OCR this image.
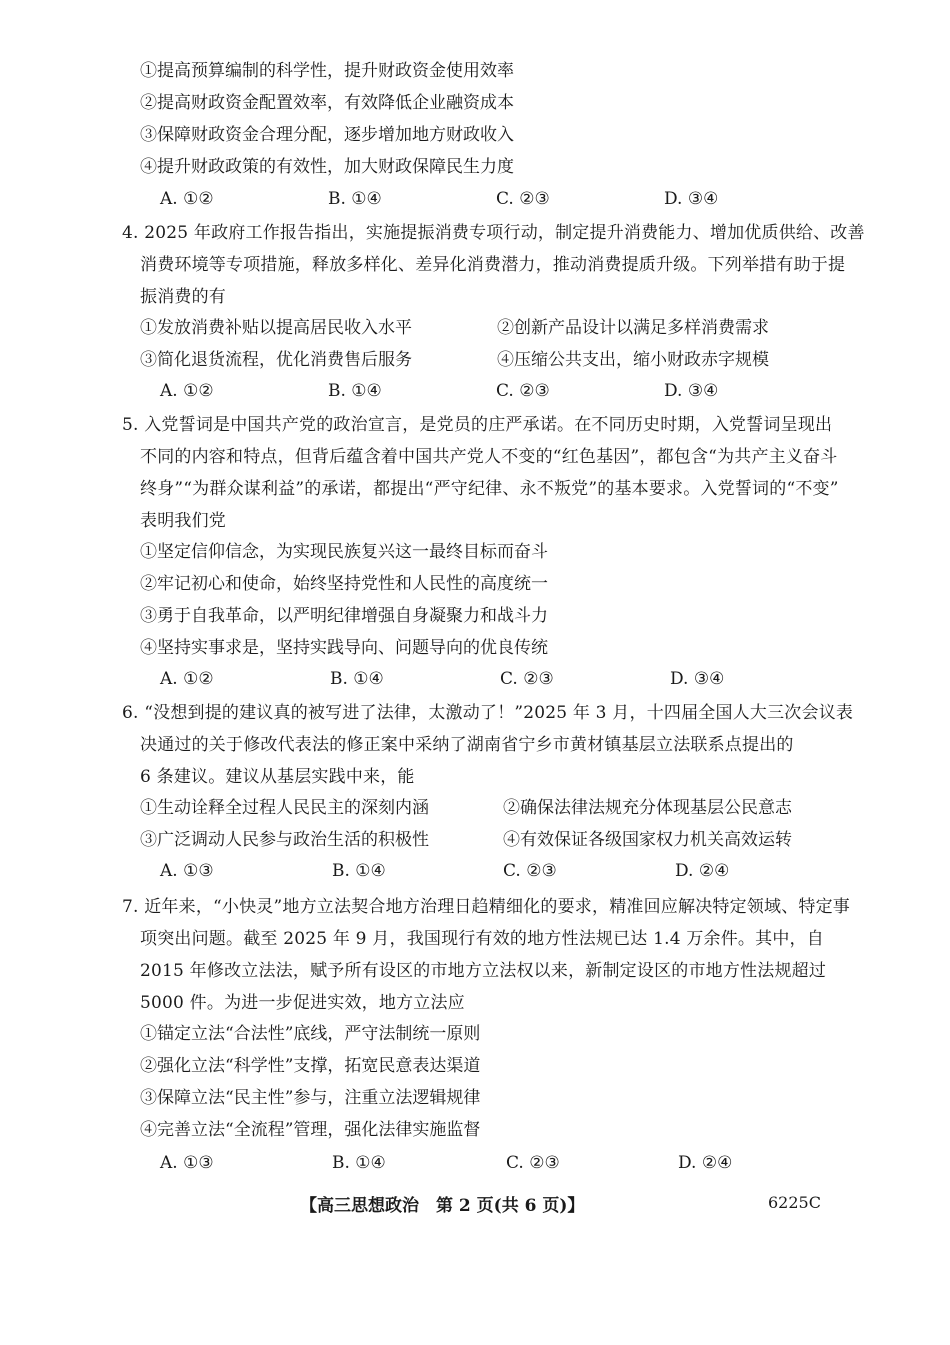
①提高预算编制的科学性，提升财政资金使用效率
②提高财政资金配置效率，有效降低企业融资成本
③保障财政资金合理分配，逐步增加地方财政收入
④提升财政政策的有效性，加大财政保障民生力度
A. ①②	B. ①④	C. ②③	D. ③④
4. 2025 年政府工作报告指出，实施提振消费专项行动，制定提升消费能力、增加优质供给、改善
消费环境等专项措施，释放多样化、差异化消费潜力，推动消费提质升级。下列举措有助于提
振消费的有
①发放消费补贴以提高居民收入水平	②创新产品设计以满足多样消费需求
③简化退货流程，优化消费售后服务	④压缩公共支出，缩小财政赤字规模
A. ①②	B. ①④	C. ②③	D. ③④
5. 入党誓词是中国共产党的政治宣言，是党员的庄严承诺。在不同历史时期，入党誓词呈现出
不同的内容和特点，但背后蕴含着中国共产党人不变的“红色基因”，都包含“为共产主义奋斗
终身”“为群众谋利益”的承诺，都提出“严守纪律、永不叛党”的基本要求。入党誓词的“不变”
表明我们党
①坚定信仰信念，为实现民族复兴这一最终目标而奋斗
②牢记初心和使命，始终坚持党性和人民性的高度统一
③勇于自我革命，以严明纪律增强自身凝聚力和战斗力
④坚持实事求是，坚持实践导向、问题导向的优良传统
A. ①②	B. ①④	C. ②③	D. ③④
6. “没想到提的建议真的被写进了法律，太激动了！”2025 年 3 月，十四届全国人大三次会议表
决通过的关于修改代表法的修正案中采纳了湖南省宁乡市黄材镇基层立法联系点提出的
6 条建议。建议从基层实践中来，能
①生动诠释全过程人民民主的深刻内涵	②确保法律法规充分体现基层公民意志
③广泛调动人民参与政治生活的积极性	④有效保证各级国家权力机关高效运转
A. ①③	B. ①④	C. ②③	D. ②④
7. 近年来，“小快灵”地方立法契合地方治理日趋精细化的要求，精准回应解决特定领域、特定事
项突出问题。截至 2025 年 9 月，我国现行有效的地方性法规已达 1.4 万余件。其中，自
2015 年修改立法法，赋予所有设区的市地方立法权以来，新制定设区的市地方性法规超过
5000 件。为进一步促进实效，地方立法应
①锚定立法“合法性”底线，严守法制统一原则
②强化立法“科学性”支撑，拓宽民意表达渠道
③保障立法“民主性”参与，注重立法逻辑规律
④完善立法“全流程”管理，强化法律实施监督
A. ①③	B. ①④	C. ②③	D. ②④
【高三思想政治　第 2 页(共 6 页)】	6225C
